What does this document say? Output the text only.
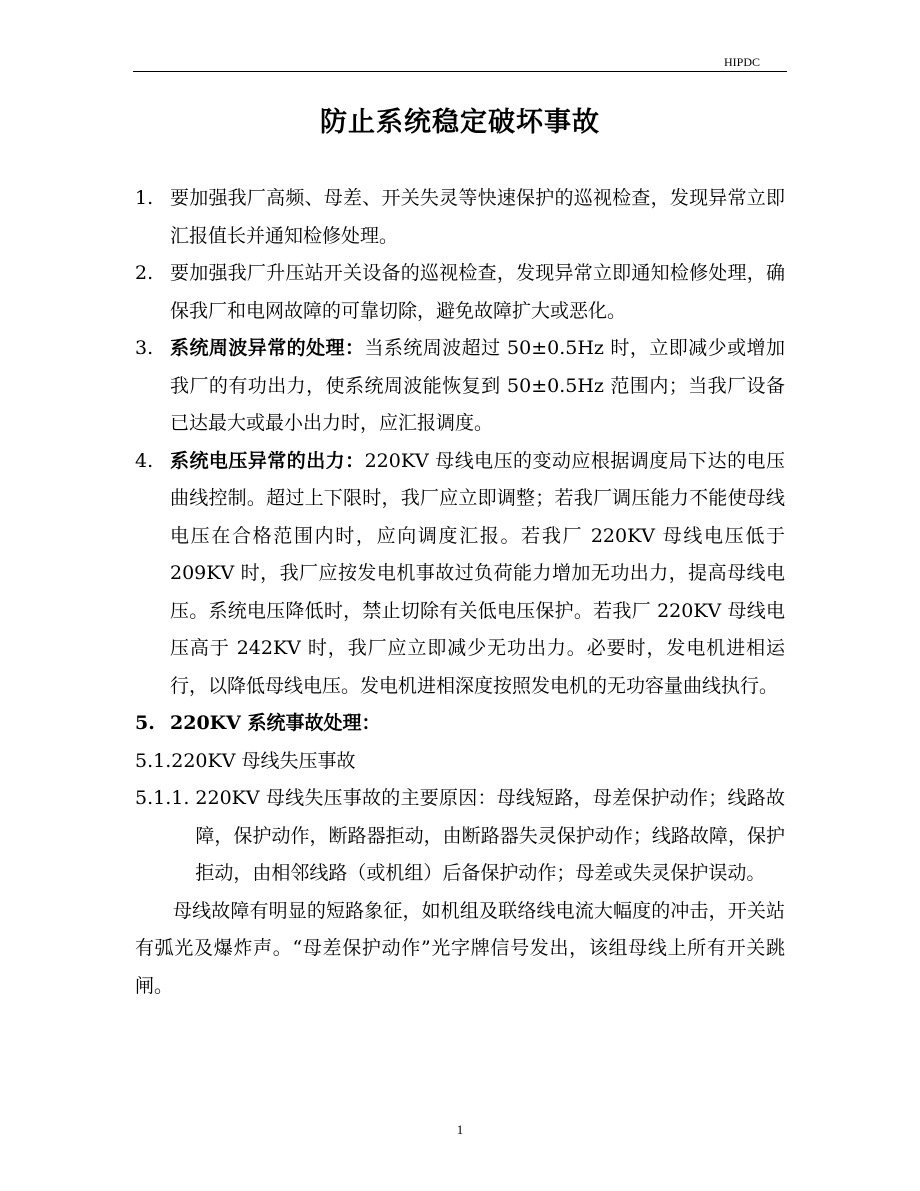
HIPDC
防止系统稳定破坏事故
1. 要加强我厂高频、母差、开关失灵等快速保护的巡视检查，发现异常立即汇报值长并通知检修处理。
2. 要加强我厂升压站开关设备的巡视检查，发现异常立即通知检修处理，确保我厂和电网故障的可靠切除，避免故障扩大或恶化。
3. 系统周波异常的处理：当系统周波超过 50±0.5Hz 时，立即减少或增加我厂的有功出力，使系统周波能恢复到 50±0.5Hz 范围内；当我厂设备已达最大或最小出力时，应汇报调度。
4. 系统电压异常的出力：220KV 母线电压的变动应根据调度局下达的电压曲线控制。超过上下限时，我厂应立即调整；若我厂调压能力不能使母线电压在合格范围内时，应向调度汇报。若我厂 220KV 母线电压低于 209KV 时，我厂应按发电机事故过负荷能力增加无功出力，提高母线电压。系统电压降低时，禁止切除有关低电压保护。若我厂 220KV 母线电压高于 242KV 时，我厂应立即减少无功出力。必要时，发电机进相运行，以降低母线电压。发电机进相深度按照发电机的无功容量曲线执行。
5. 220KV 系统事故处理：
5.1.220KV 母线失压事故
5.1.1. 220KV 母线失压事故的主要原因：母线短路，母差保护动作；线路故障，保护动作，断路器拒动，由断路器失灵保护动作；线路故障，保护拒动，由相邻线路（或机组）后备保护动作；母差或失灵保护误动。
母线故障有明显的短路象征，如机组及联络线电流大幅度的冲击，开关站有弧光及爆炸声。“母差保护动作”光字牌信号发出，该组母线上所有开关跳闸。
1
